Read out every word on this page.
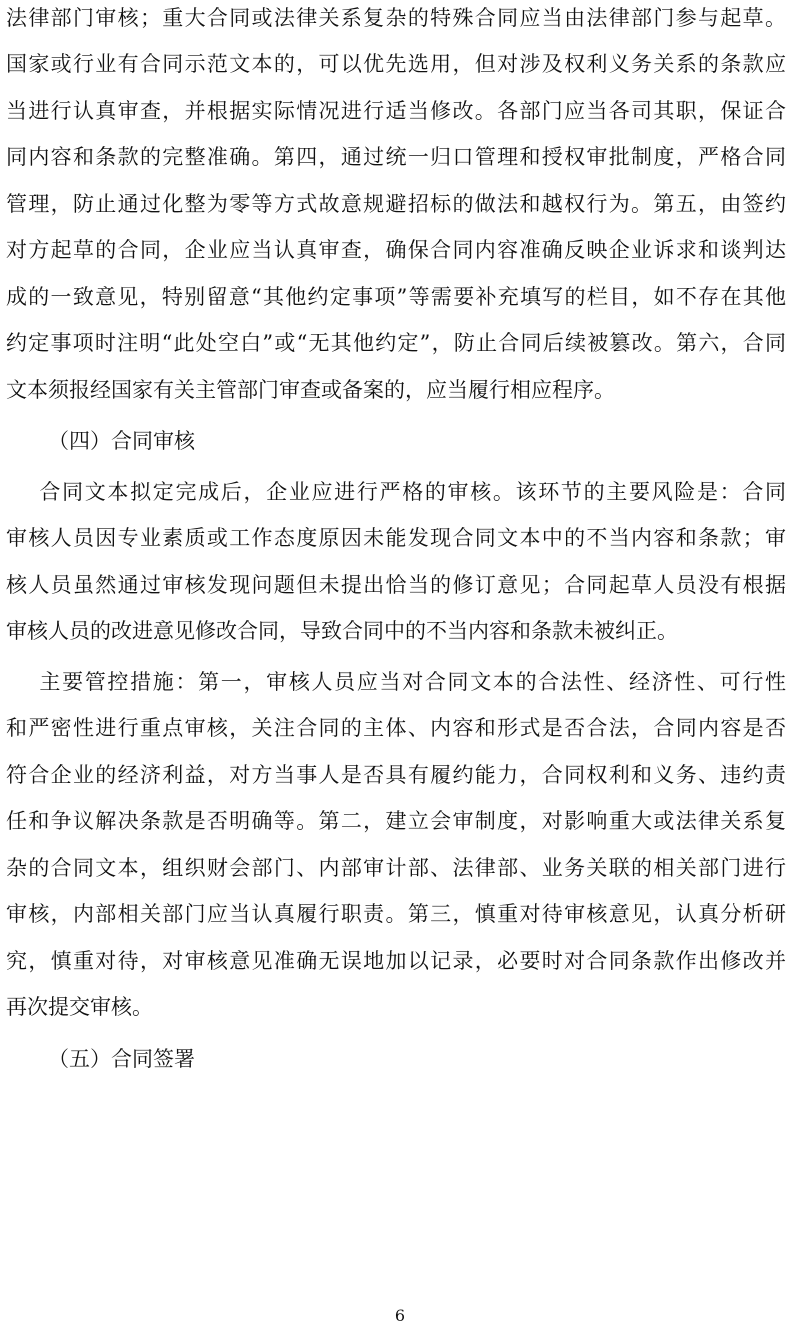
法律部门审核；重大合同或法律关系复杂的特殊合同应当由法律部门参与起草。
国家或行业有合同示范文本的，可以优先选用，但对涉及权利义务关系的条款应
当进行认真审查，并根据实际情况进行适当修改。各部门应当各司其职，保证合
同内容和条款的完整准确。第四，通过统一归口管理和授权审批制度，严格合同
管理，防止通过化整为零等方式故意规避招标的做法和越权行为。第五，由签约
对方起草的合同，企业应当认真审查，确保合同内容准确反映企业诉求和谈判达
成的一致意见，特别留意“其他约定事项”等需要补充填写的栏目，如不存在其他
约定事项时注明“此处空白”或“无其他约定”，防止合同后续被篡改。第六，合同
文本须报经国家有关主管部门审查或备案的，应当履行相应程序。
（四）合同审核
合同文本拟定完成后，企业应进行严格的审核。该环节的主要风险是：合同
审核人员因专业素质或工作态度原因未能发现合同文本中的不当内容和条款；审
核人员虽然通过审核发现问题但未提出恰当的修订意见；合同起草人员没有根据
审核人员的改进意见修改合同，导致合同中的不当内容和条款未被纠正。
主要管控措施：第一，审核人员应当对合同文本的合法性、经济性、可行性
和严密性进行重点审核，关注合同的主体、内容和形式是否合法，合同内容是否
符合企业的经济利益，对方当事人是否具有履约能力，合同权利和义务、违约责
任和争议解决条款是否明确等。第二，建立会审制度，对影响重大或法律关系复
杂的合同文本，组织财会部门、内部审计部、法律部、业务关联的相关部门进行
审核，内部相关部门应当认真履行职责。第三，慎重对待审核意见，认真分析研
究，慎重对待，对审核意见准确无误地加以记录，必要时对合同条款作出修改并
再次提交审核。
（五）合同签署
6
